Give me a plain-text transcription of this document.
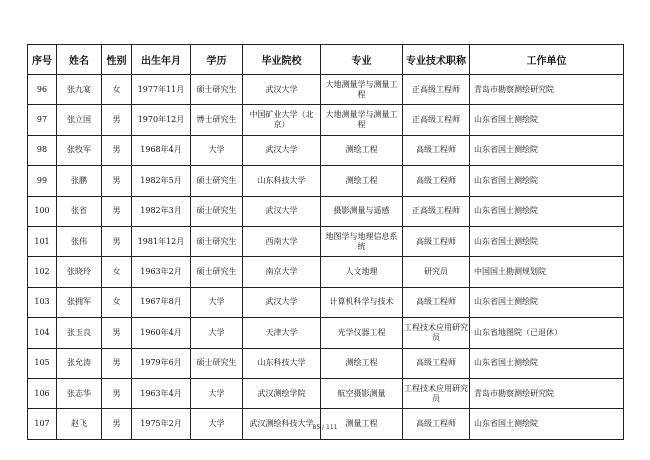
序号	姓名	性别	出生年月	学历	毕业院校	专业	专业技术职称	工作单位
96	张九宴	女	1977年11月	硕士研究生	武汉大学	大地测量学与测量工程	正高级工程师	青岛市勘察测绘研究院
97	张立国	男	1970年12月	博士研究生	中国矿业大学（北京）	大地测量学与测量工程	正高级工程师	山东省国土测绘院
98	张牧军	男	1968年4月	大学	武汉大学	测绘工程	高级工程师	山东省国土测绘院
99	张鹏	男	1982年5月	硕士研究生	山东科技大学	测绘工程	高级工程师	山东省国土测绘院
100	张省	男	1982年3月	硕士研究生	武汉大学	摄影测量与遥感	正高级工程师	山东省国土测绘院
101	张伟	男	1981年12月	硕士研究生	西南大学	地图学与地理信息系统	高级工程师	山东省国土测绘院
102	张晓玲	女	1963年2月	硕士研究生	南京大学	人文地理	研究员	中国国土勘测规划院
103	张拥军	女	1967年8月	大学	武汉大学	计算机科学与技术	高级工程师	山东省国土测绘院
104	张玉良	男	1960年4月	大学	天津大学	光学仪器工程	工程技术应用研究员	山东省地图院（已退休）
105	张允涛	男	1979年6月	硕士研究生	山东科技大学	测绘工程	高级工程师	山东省国土测绘院
106	张志华	男	1963年4月	大学	武汉测绘学院	航空摄影测量	工程技术应用研究员	青岛市勘察测绘研究院
107	赵飞	男	1975年2月	大学	武汉测绘科技大学	测量工程	高级工程师	山东省国土测绘院
85 / 111
